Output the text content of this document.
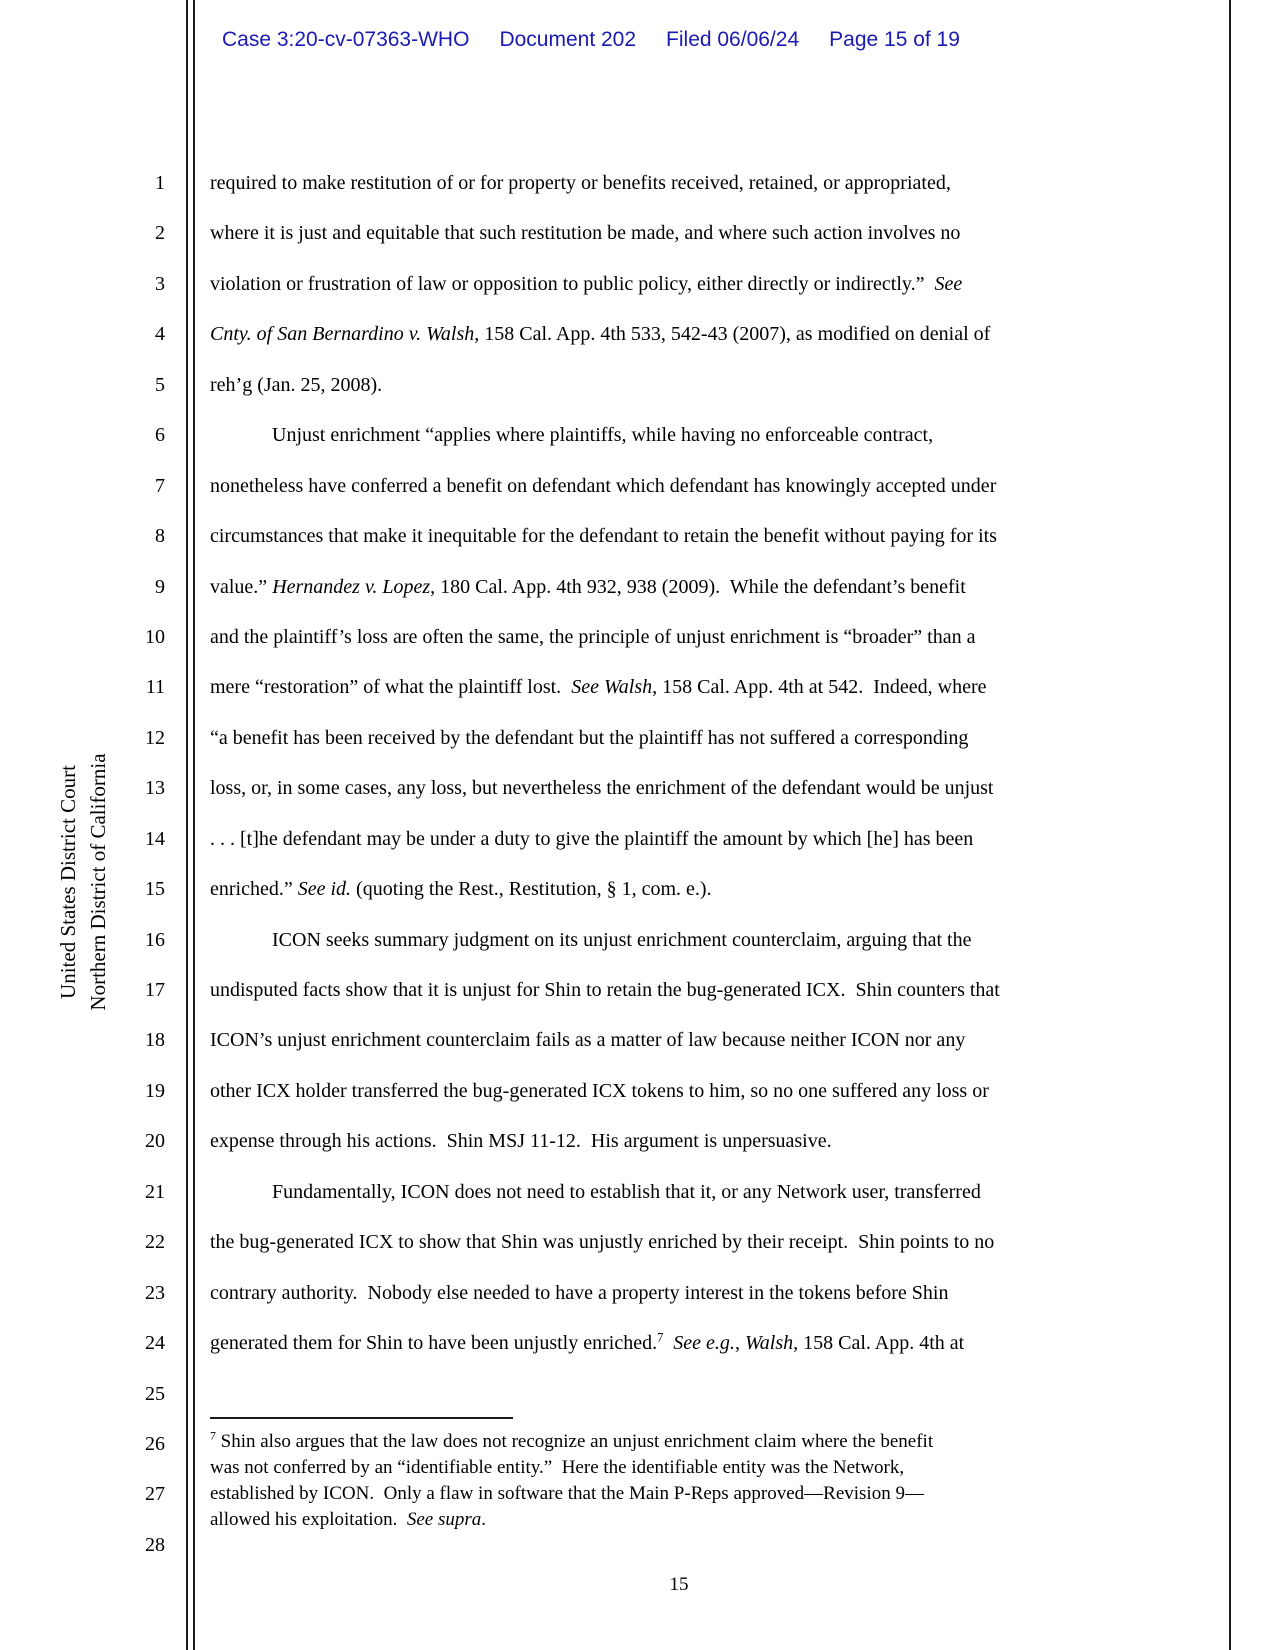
Case 3:20-cv-07363-WHO Document 202 Filed 06/06/24 Page 15 of 19
United States District Court Northern District of California
1
2
3
4
5
6
7
8
9
10
11
12
13
14
15
16
17
18
19
20
21
22
23
24
25
26
27
28
required to make restitution of or for property or benefits received, retained, or appropriated,
where it is just and equitable that such restitution be made, and where such action involves no
violation or frustration of law or opposition to public policy, either directly or indirectly.”  See
Cnty. of San Bernardino v. Walsh, 158 Cal. App. 4th 533, 542-43 (2007), as modified on denial of
reh’g (Jan. 25, 2008).
Unjust enrichment “applies where plaintiffs, while having no enforceable contract,
nonetheless have conferred a benefit on defendant which defendant has knowingly accepted under
circumstances that make it inequitable for the defendant to retain the benefit without paying for its
value.” Hernandez v. Lopez, 180 Cal. App. 4th 932, 938 (2009).  While the defendant’s benefit
and the plaintiff’s loss are often the same, the principle of unjust enrichment is “broader” than a
mere “restoration” of what the plaintiff lost.  See Walsh, 158 Cal. App. 4th at 542.  Indeed, where
“a benefit has been received by the defendant but the plaintiff has not suffered a corresponding
loss, or, in some cases, any loss, but nevertheless the enrichment of the defendant would be unjust
. . . [t]he defendant may be under a duty to give the plaintiff the amount by which [he] has been
enriched.” See id. (quoting the Rest., Restitution, § 1, com. e.).
ICON seeks summary judgment on its unjust enrichment counterclaim, arguing that the
undisputed facts show that it is unjust for Shin to retain the bug-generated ICX.  Shin counters that
ICON’s unjust enrichment counterclaim fails as a matter of law because neither ICON nor any
other ICX holder transferred the bug-generated ICX tokens to him, so no one suffered any loss or
expense through his actions.  Shin MSJ 11-12.  His argument is unpersuasive.
Fundamentally, ICON does not need to establish that it, or any Network user, transferred
the bug-generated ICX to show that Shin was unjustly enriched by their receipt.  Shin points to no
contrary authority.  Nobody else needed to have a property interest in the tokens before Shin
generated them for Shin to have been unjustly enriched.$^7$ See e.g., Walsh, 158 Cal. App. 4th at
$^7$ Shin also argues that the law does not recognize an unjust enrichment claim where the benefit
was not conferred by an “identifiable entity.”  Here the identifiable entity was the Network,
established by ICON.  Only a flaw in software that the Main P-Reps approved—Revision 9—
allowed his exploitation.  See supra.
15
